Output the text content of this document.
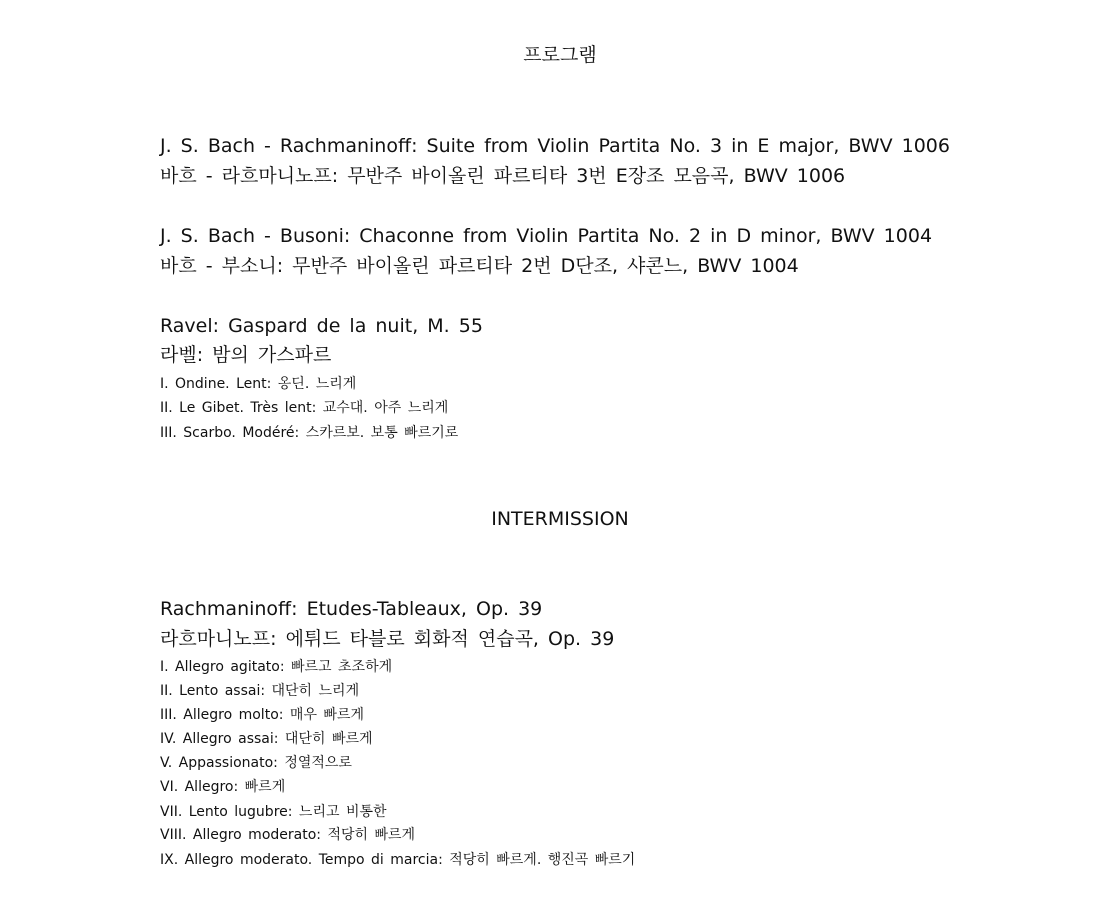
프로그램
J. S. Bach - Rachmaninoff: Suite from Violin Partita No. 3 in E major, BWV 1006
바흐 - 라흐마니노프: 무반주 바이올린 파르티타 3번 E장조 모음곡, BWV 1006
J. S. Bach - Busoni: Chaconne from Violin Partita No. 2 in D minor, BWV 1004
바흐 - 부소니: 무반주 바이올린 파르티타 2번 D단조, 샤콘느, BWV 1004
Ravel: Gaspard de la nuit, M. 55
라벨: 밤의 가스파르
I. Ondine. Lent: 옹딘. 느리게
II. Le Gibet. Très lent: 교수대. 아주 느리게
III. Scarbo. Modéré: 스카르보. 보통 빠르기로
INTERMISSION
Rachmaninoff: Etudes-Tableaux, Op. 39
라흐마니노프: 에튀드 타블로 회화적 연습곡, Op. 39
I. Allegro agitato: 빠르고 초조하게
II. Lento assai: 대단히 느리게
III. Allegro molto: 매우 빠르게
IV. Allegro assai: 대단히 빠르게
V. Appassionato: 정열적으로
VI. Allegro: 빠르게
VII. Lento lugubre: 느리고 비통한
VIII. Allegro moderato: 적당히 빠르게
IX. Allegro moderato. Tempo di marcia: 적당히 빠르게. 행진곡 빠르기
